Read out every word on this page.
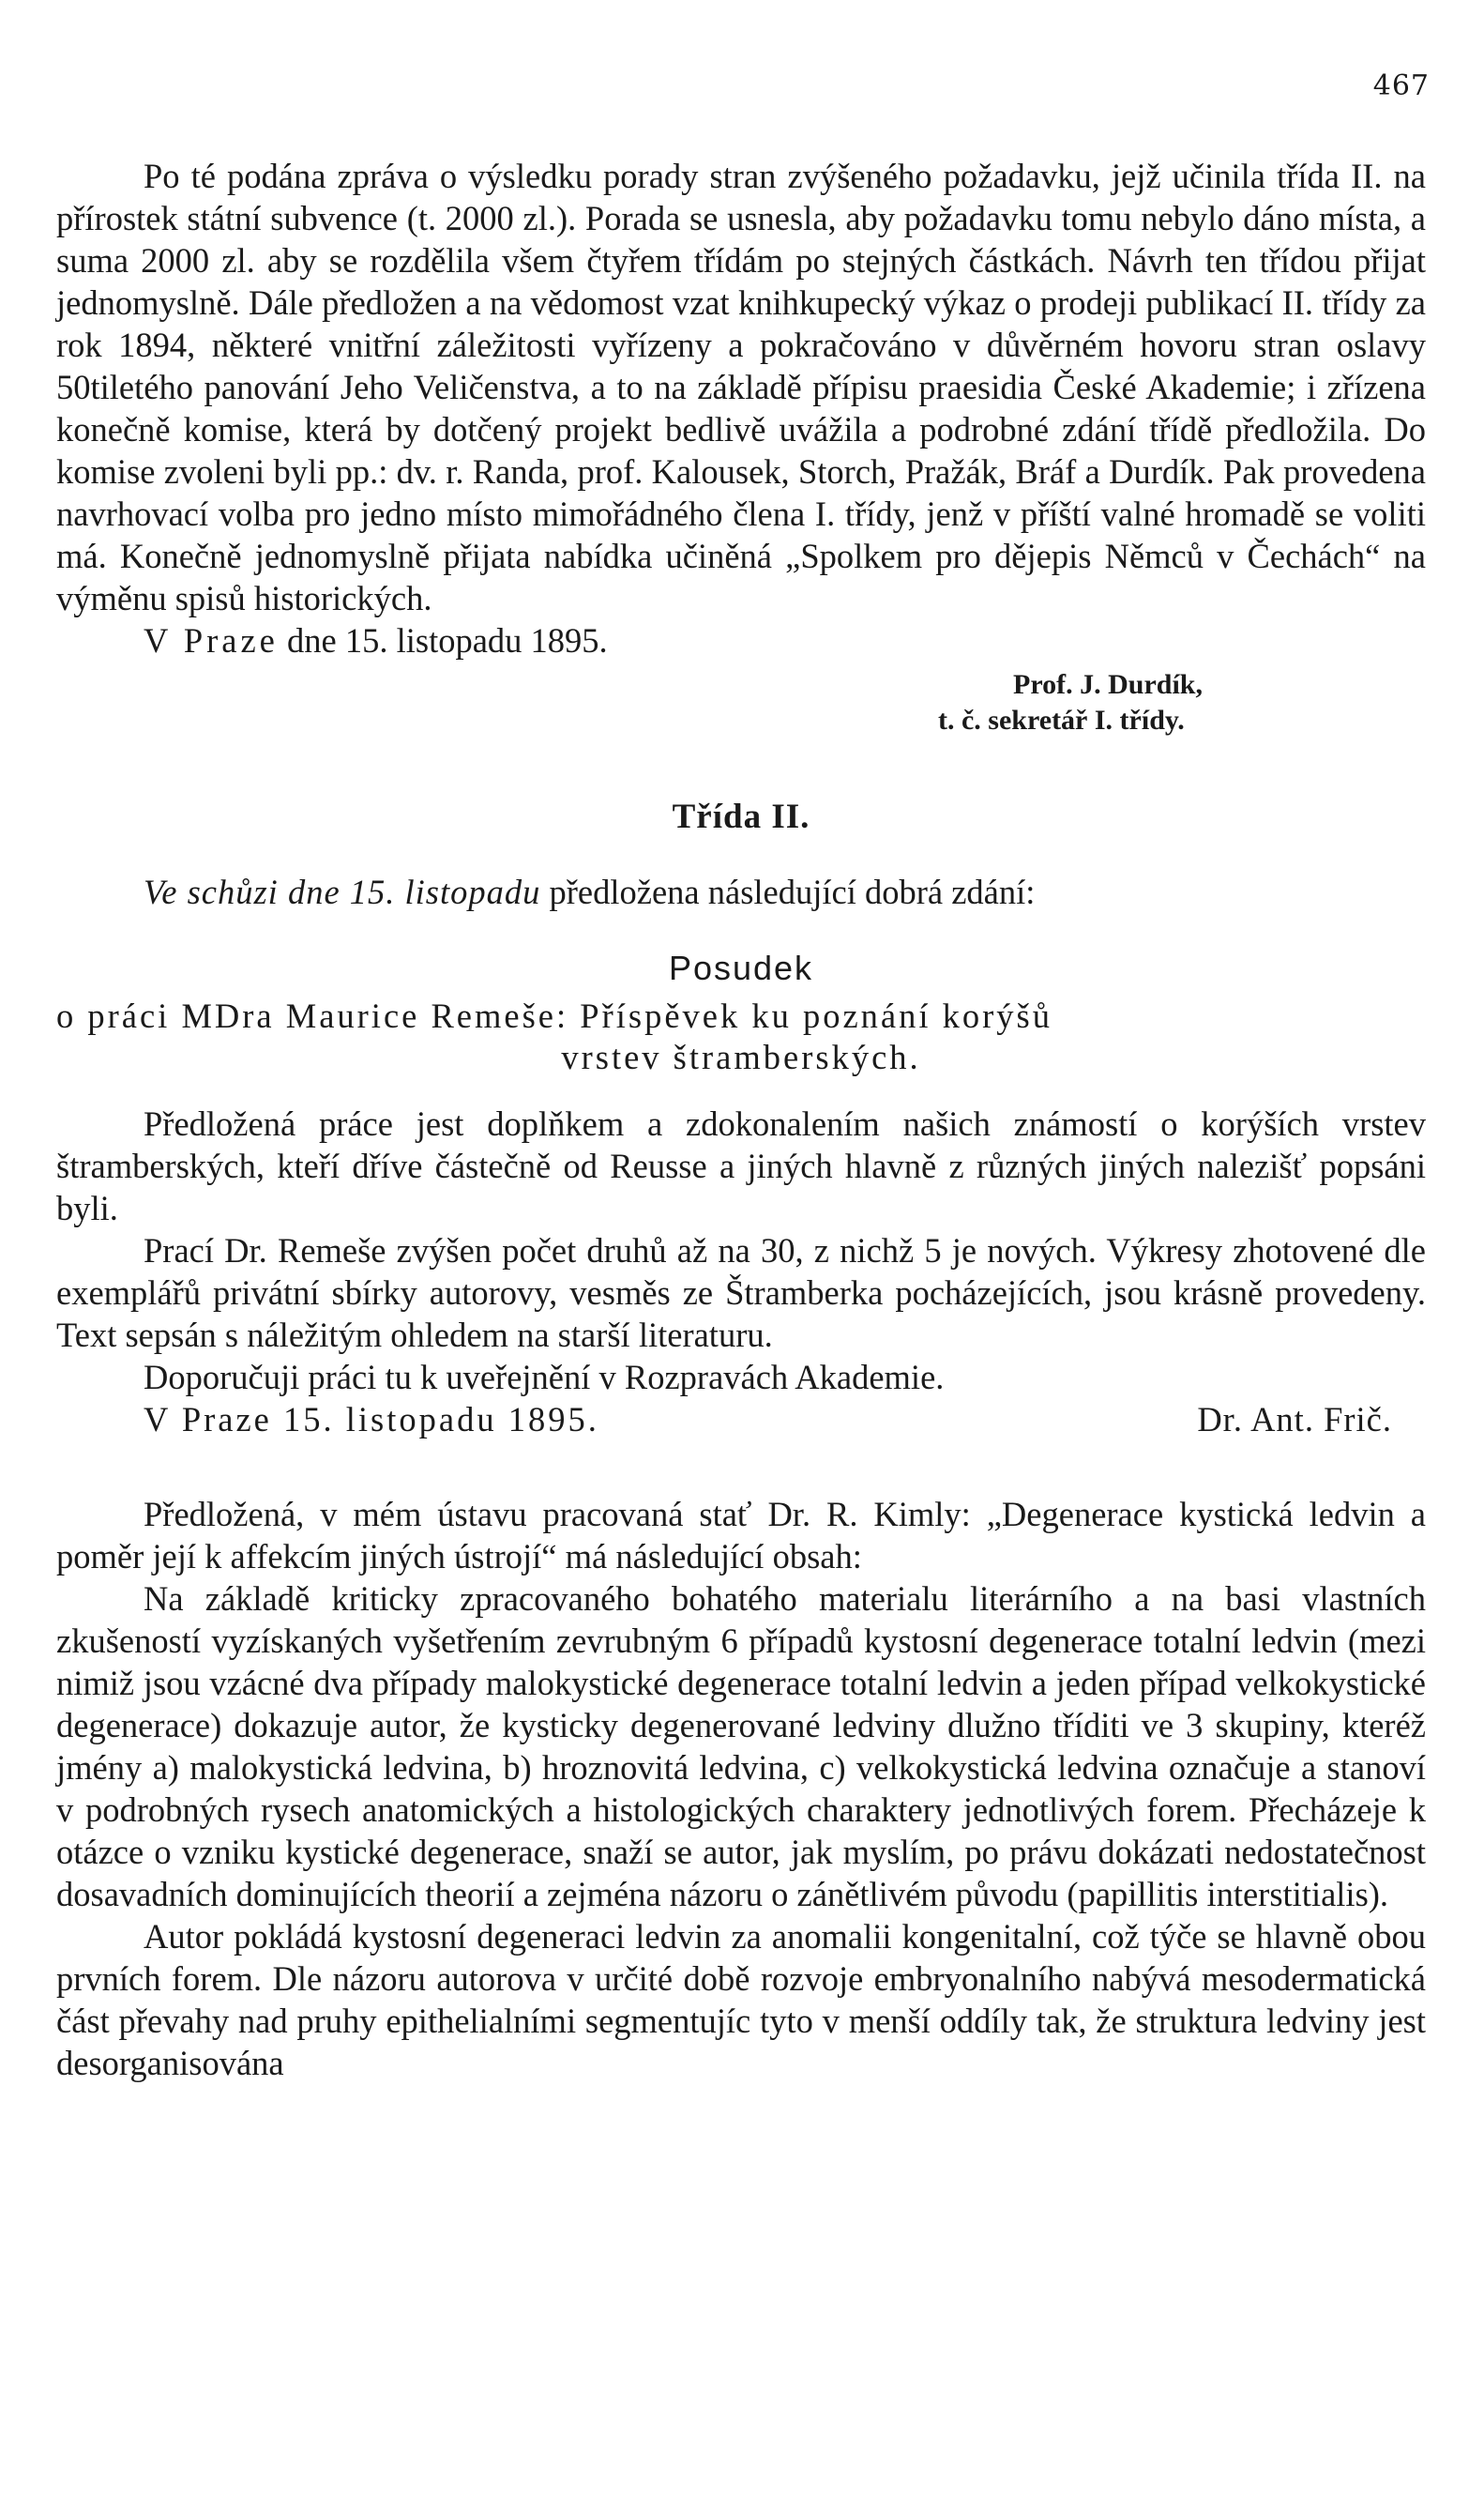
467

Po té podána zpráva o výsledku porady stran zvýšeného požadavku, jejž učinila třída II. na přírostek státní subvence (t. 2000 zl.). Porada se usnesla, aby požadavku tomu nebylo dáno místa, a suma 2000 zl. aby se rozdělila všem čtyřem třídám po stejných částkách. Návrh ten třídou přijat jednomyslně. Dále předložen a na vědomost vzat knihkupecký výkaz o prodeji publikací II. třídy za rok 1894, některé vnitřní záležitosti vyřízeny a pokračováno v důvěrném hovoru stran oslavy 50tiletého panování Jeho Veličenstva, a to na základě přípisu praesidia České Akademie; i zřízena konečně komise, která by dotčený projekt bedlivě uvážila a podrobné zdání třídě předložila. Do komise zvoleni byli pp.: dv. r. Randa, prof. Kalousek, Storch, Pražák, Bráf a Durdík. Pak provedena navrhovací volba pro jedno místo mimořádného člena I. třídy, jenž v příští valné hromadě se voliti má. Konečně jednomyslně přijata nabídka učiněná „Spolkem pro dějepis Němců v Čechách“ na výměnu spisů historických.

V Praze dne 15. listopadu 1895.

Prof. J. Durdík,

t. č. sekretář I. třídy.

Třída II.

Ve schůzi dne 15. listopadu předložena následující dobrá zdání:

Posudek

o práci MDra Maurice Remeše: Příspěvek ku poznání korýšů

vrstev štramberských.

Předložená práce jest doplňkem a zdokonalením našich známostí o korýších vrstev štramberských, kteří dříve částečně od Reusse a jiných hlavně z různých jiných nalezišť popsáni byli.

Prací Dr. Remeše zvýšen počet druhů až na 30, z nichž 5 je nových. Výkresy zhotovené dle exemplářů privátní sbírky autorovy, vesměs ze Štramberka pocházejících, jsou krásně provedeny. Text sepsán s náležitým ohledem na starší literaturu.

Doporučuji práci tu k uveřejnění v Rozpravách Akademie.

V Praze 15. listopadu 1895.	Dr. Ant. Frič.

Předložená, v mém ústavu pracovaná stať Dr. R. Kimly: „Degenerace kystická ledvin a poměr její k affekcím jiných ústrojí“ má následující obsah:

Na základě kriticky zpracovaného bohatého materialu literárního a na basi vlastních zkušeností vyzískaných vyšetřením zevrubným 6 případů kystosní degenerace totalní ledvin (mezi nimiž jsou vzácné dva případy malokystické degenerace totalní ledvin a jeden případ velkokystické degenerace) dokazuje autor, že kysticky degenerované ledviny dlužno tříditi ve 3 skupiny, kteréž jmény a) malokystická ledvina, b) hroznovitá ledvina, c) velkokystická ledvina označuje a stanoví v podrobných rysech anatomických a histologických charaktery jednotlivých forem. Přecházeje k otázce o vzniku kystické degenerace, snaží se autor, jak myslím, po právu dokázati nedostatečnost dosavadních dominujících theorií a zejména názoru o zánětlivém původu (papillitis interstitialis).

Autor pokládá kystosní degeneraci ledvin za anomalii kongenitalní, což týče se hlavně obou prvních forem. Dle názoru autorova v určité době rozvoje embryonalního nabývá mesodermatická část převahy nad pruhy epithelialními segmentujíc tyto v menší oddíly tak, že struktura ledviny jest desorganisována
